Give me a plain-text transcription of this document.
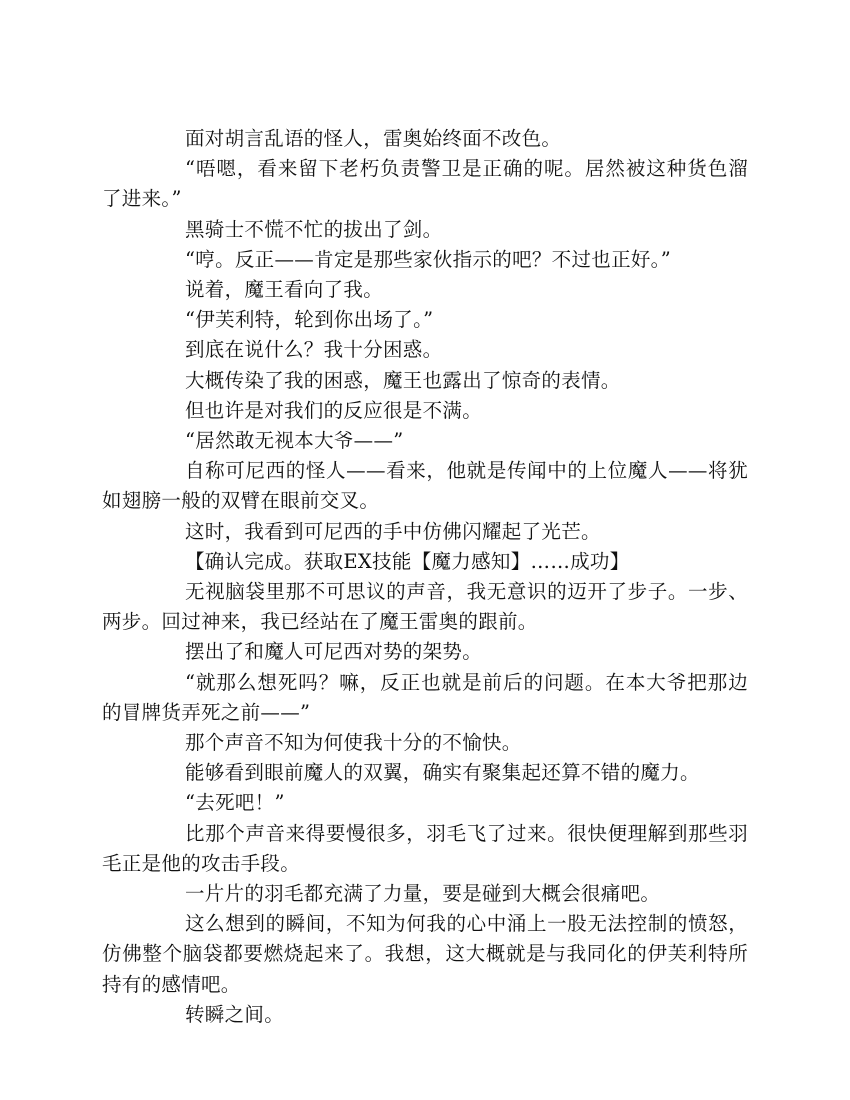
面对胡言乱语的怪人，雷奥始终面不改色。

“唔嗯，看来留下老朽负责警卫是正确的呢。居然被这种货色溜了进来。”

黑骑士不慌不忙的拔出了剑。

“哼。反正——肯定是那些家伙指示的吧？不过也正好。”

说着，魔王看向了我。

“伊芙利特，轮到你出场了。”

到底在说什么？我十分困惑。

大概传染了我的困惑，魔王也露出了惊奇的表情。

但也许是对我们的反应很是不满。

“居然敢无视本大爷——”

自称可尼西的怪人——看来，他就是传闻中的上位魔人——将犹如翅膀一般的双臂在眼前交叉。

这时，我看到可尼西的手中仿佛闪耀起了光芒。

【确认完成。获取EX技能【魔力感知】……成功】

无视脑袋里那不可思议的声音，我无意识的迈开了步子。一步、两步。回过神来，我已经站在了魔王雷奥的跟前。

摆出了和魔人可尼西对势的架势。

“就那么想死吗？嘛，反正也就是前后的问题。在本大爷把那边的冒牌货弄死之前——”

那个声音不知为何使我十分的不愉快。

能够看到眼前魔人的双翼，确实有聚集起还算不错的魔力。

“去死吧！”

比那个声音来得要慢很多，羽毛飞了过来。很快便理解到那些羽毛正是他的攻击手段。

一片片的羽毛都充满了力量，要是碰到大概会很痛吧。

这么想到的瞬间，不知为何我的心中涌上一股无法控制的愤怒，仿佛整个脑袋都要燃烧起来了。我想，这大概就是与我同化的伊芙利特所持有的感情吧。

转瞬之间。
